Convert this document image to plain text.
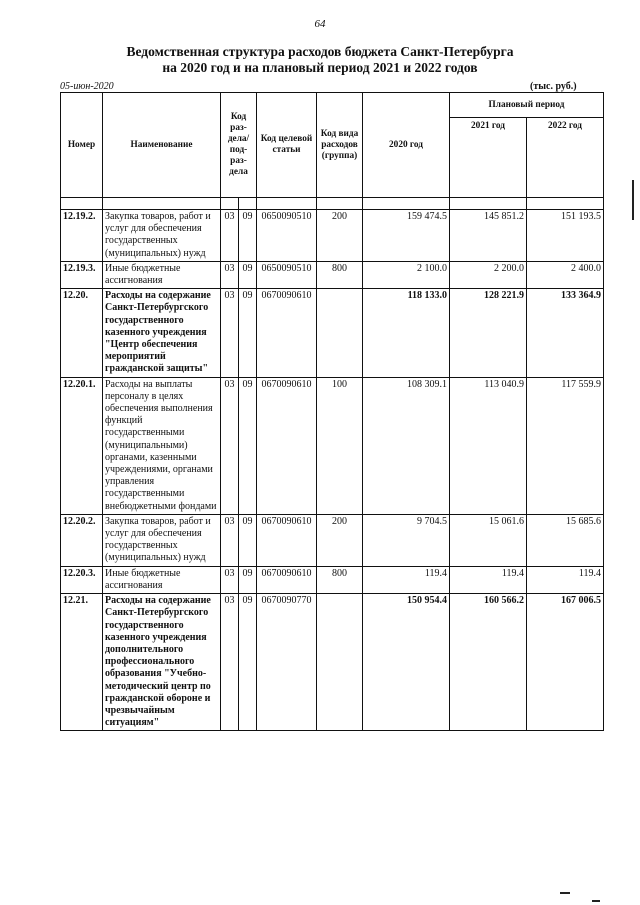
64
Ведомственная структура расходов бюджета Санкт-Петербурга
на 2020 год и на плановый период 2021 и 2022 годов
05-июн-2020	(тыс. руб.)
Номер	Наименование	Код раз-дела/ под-раз-дела		Код целевой статьи	Код вида расходов (группа)	2020 год	Плановый период	
							2021 год	2022 год

12.19.2.	Закупка товаров, работ и услуг для обеспечения государственных (муниципальных) нужд	03	09	0650090510	200	159 474.5	145 851.2	151 193.5
12.19.3.	Иные бюджетные ассигнования	03	09	0650090510	800	2 100.0	2 200.0	2 400.0
12.20.	Расходы на содержание Санкт-Петербургского государственного казенного учреждения "Центр обеспечения мероприятий гражданской защиты"	03	09	0670090610		118 133.0	128 221.9	133 364.9
12.20.1.	Расходы на выплаты персоналу в целях обеспечения выполнения функций государственными (муниципальными) органами, казенными учреждениями, органами управления государственными внебюджетными фондами	03	09	0670090610	100	108 309.1	113 040.9	117 559.9
12.20.2.	Закупка товаров, работ и услуг для обеспечения государственных (муниципальных) нужд	03	09	0670090610	200	9 704.5	15 061.6	15 685.6
12.20.3.	Иные бюджетные ассигнования	03	09	0670090610	800	119.4	119.4	119.4
12.21.	Расходы на содержание Санкт-Петербургского государственного казенного учреждения дополнительного профессионального образования "Учебно-методический центр по гражданской обороне и чрезвычайным ситуациям"	03	09	0670090770		150 954.4	160 566.2	167 006.5
